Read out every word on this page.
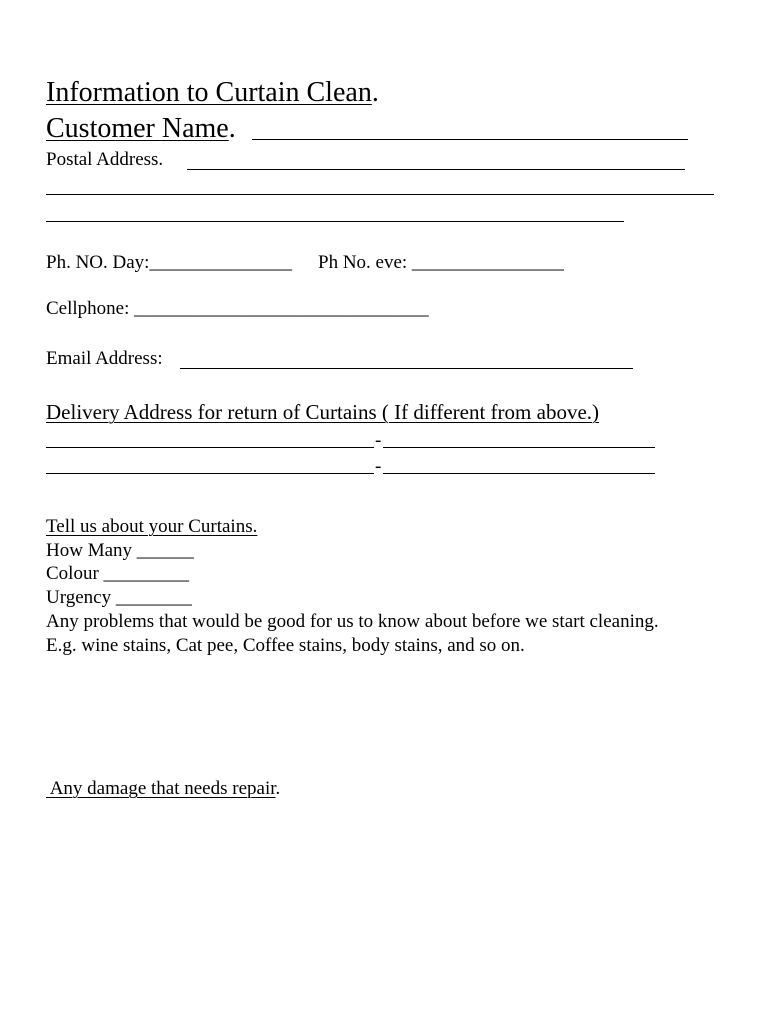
Information to Curtain Clean.
Customer Name.
Postal Address.
Ph. NO. Day:_______________ Ph No. eve: ________________
Cellphone: _______________________________
Email Address:
Delivery Address for return of Curtains ( If different from above.)
-
-
Tell us about your Curtains.
How Many ______
Colour _________
Urgency ________
Any problems that would be good for us to know about before we start cleaning.
E.g. wine stains, Cat pee, Coffee stains, body stains, and so on.
Any damage that needs repair.
